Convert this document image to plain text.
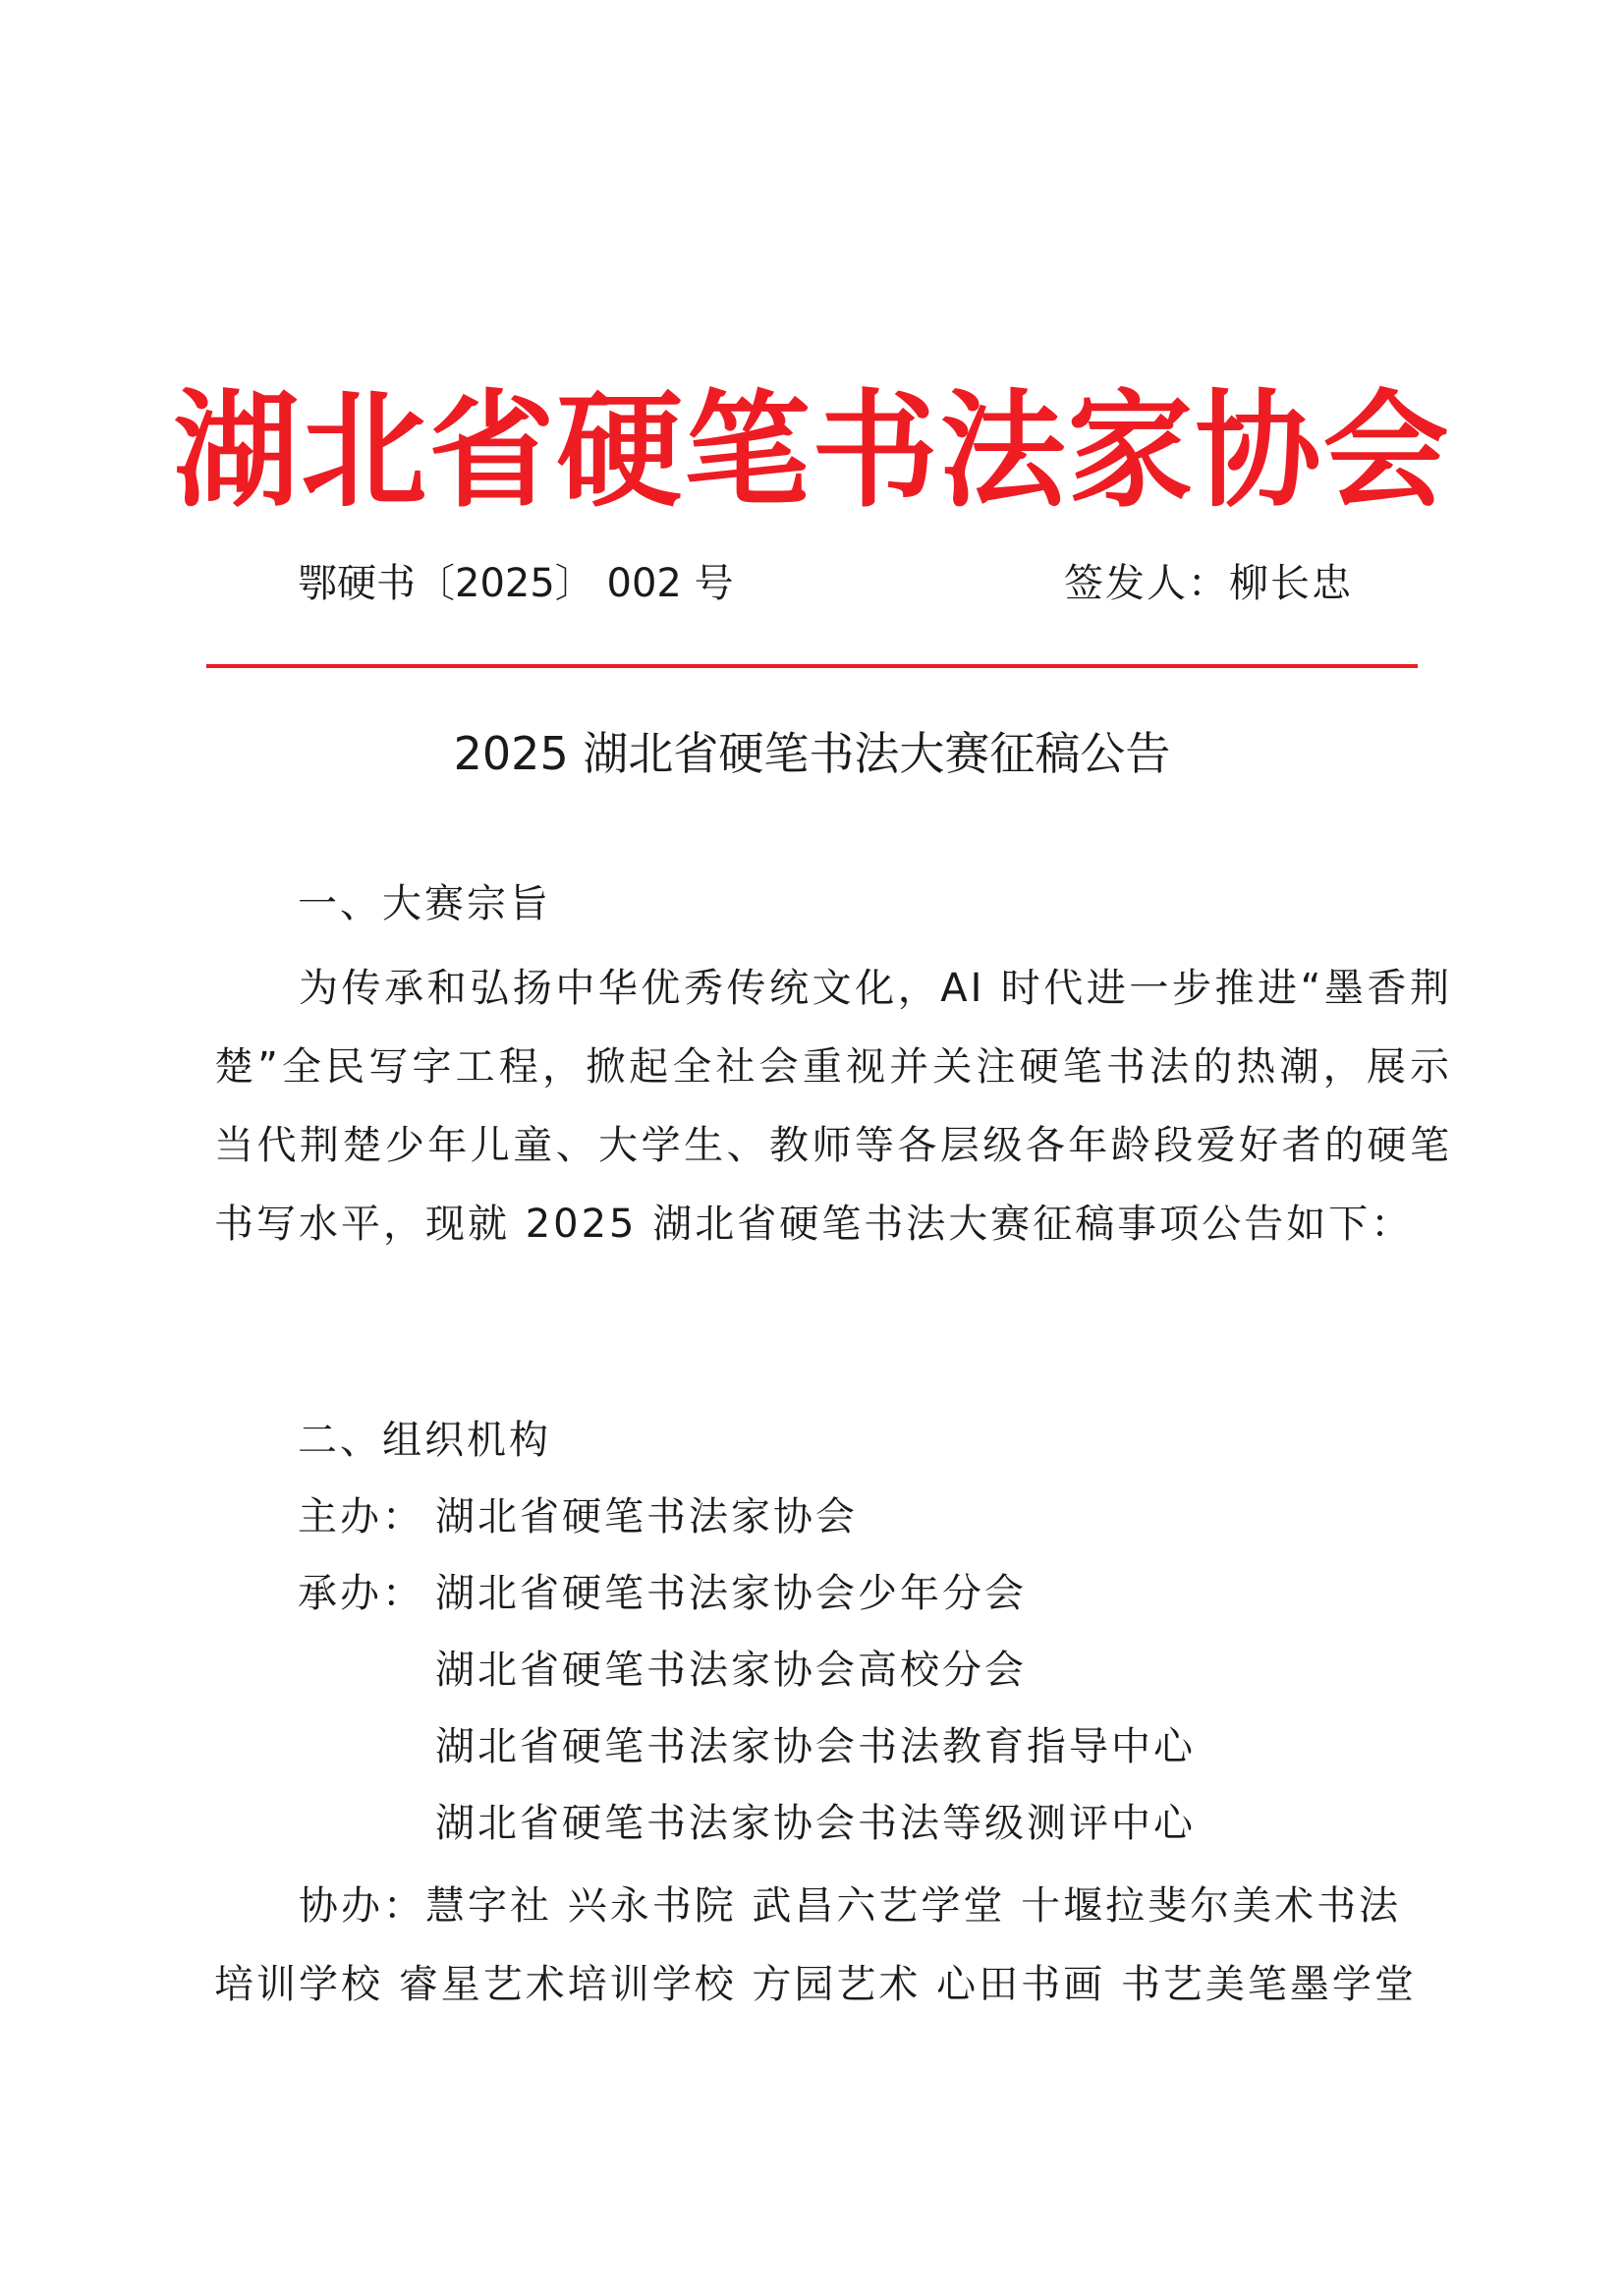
湖北省硬笔书法家协会
鄂硬书〔2025〕 002 号	签发人：柳长忠
2025 湖北省硬笔书法大赛征稿公告
一、大赛宗旨
为传承和弘扬中华优秀传统文化，AI 时代进一步推进“墨香荆楚”全民写字工程，掀起全社会重视并关注硬笔书法的热潮，展示当代荆楚少年儿童、大学生、教师等各层级各年龄段爱好者的硬笔书写水平，现就 2025 湖北省硬笔书法大赛征稿事项公告如下：
二、组织机构
主办： 湖北省硬笔书法家协会
承办： 湖北省硬笔书法家协会少年分会
湖北省硬笔书法家协会高校分会
湖北省硬笔书法家协会书法教育指导中心
湖北省硬笔书法家协会书法等级测评中心
协办：慧字社 兴永书院 武昌六艺学堂 十堰拉斐尔美术书法培训学校 睿星艺术培训学校 方园艺术 心田书画 书艺美笔墨学堂
